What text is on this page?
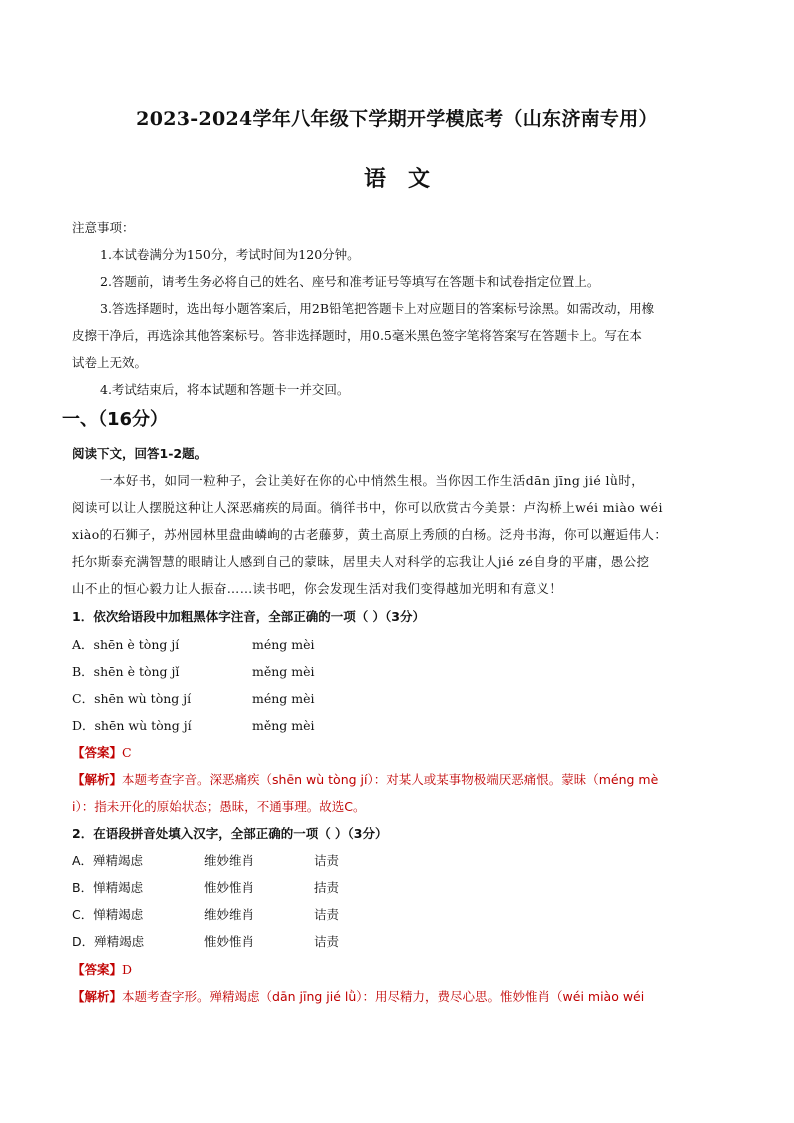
2023-2024学年八年级下学期开学模底考（山东济南专用）
语文
注意事项：
1.本试卷满分为150分，考试时间为120分钟。
2.答题前，请考生务必将自己的姓名、座号和准考证号等填写在答题卡和试卷指定位置上。
3.答选择题时，选出每小题答案后，用2B铅笔把答题卡上对应题目的答案标号涂黑。如需改动，用橡
皮擦干净后，再选涂其他答案标号。答非选择题时，用0.5毫米黑色签字笔将答案写在答题卡上。写在本
试卷上无效。
4.考试结束后，将本试题和答题卡一并交回。
一、（16分）
阅读下文，回答1-2题。
一本好书，如同一粒种子，会让美好在你的心中悄然生根。当你因工作生活dān jīng jié lǜ时，
阅读可以让人摆脱这种让人深恶痛疾的局面。徜徉书中，你可以欣赏古今美景：卢沟桥上wéi miào wéi
xiào的石狮子，苏州园林里盘曲嶙峋的古老藤萝，黄土高原上秀颀的白杨。泛舟书海，你可以邂逅伟人：
托尔斯泰充满智慧的眼睛让人感到自己的蒙昧，居里夫人对科学的忘我让人jié zé自身的平庸，愚公挖
山不止的恒心毅力让人振奋……读书吧，你会发现生活对我们变得越加光明和有意义！
1．依次给语段中加粗黑体字注音，全部正确的一项（ ）（3分）
A．shēn è tòng jí	méng mèi
B．shēn è tòng jǐ	měng mèi
C．shēn wù tòng jí	méng mèi
D．shēn wù tòng jí	měng mèi
【答案】C
【解析】本题考查字音。深恶痛疾（shēn wù tòng jí）：对某人或某事物极端厌恶痛恨。蒙昧（méng mè
i）：指未开化的原始状态；愚昧，不通事理。故选C。
2．在语段拼音处填入汉字，全部正确的一项（ ）（3分）
A．殚精竭虑	维妙维肖	诘责
B．惮精竭虑	惟妙惟肖	拮责
C．惮精竭虑	维妙维肖	诘责
D．殚精竭虑	惟妙惟肖	诘责
【答案】D
【解析】本题考查字形。殚精竭虑（dān jīng jié lǜ）：用尽精力，费尽心思。惟妙惟肖（wéi miào wéi
